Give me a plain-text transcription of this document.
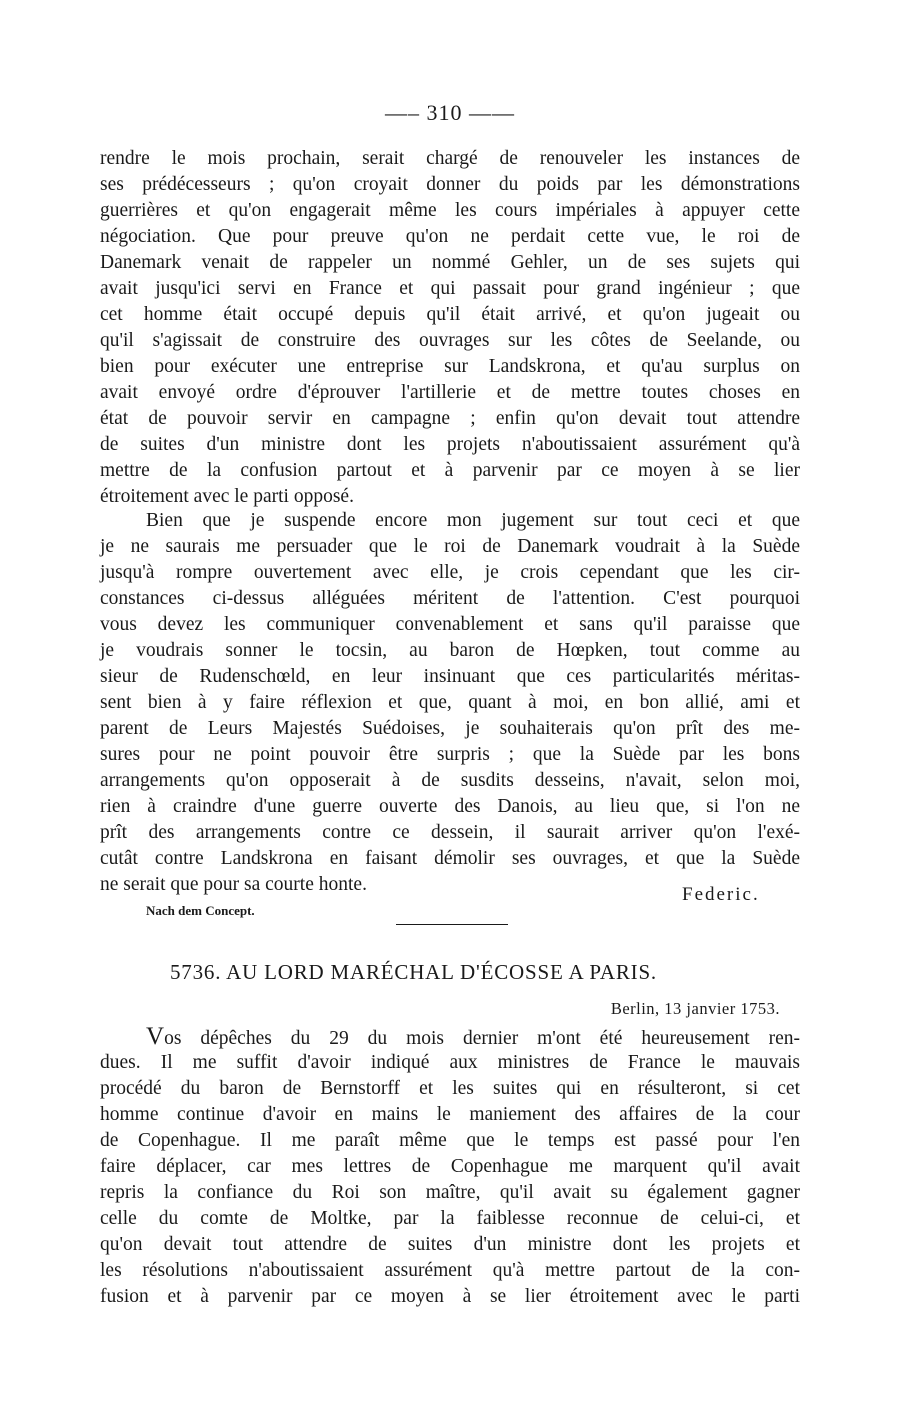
—– 310 ——
rendre le mois prochain, serait chargé de renouveler les instances de
ses prédécesseurs ; qu'on croyait donner du poids par les démonstrations
guerrières et qu'on engagerait même les cours impériales à appuyer cette
négociation. Que pour preuve qu'on ne perdait cette vue, le roi de
Danemark venait de rappeler un nommé Gehler, un de ses sujets qui
avait jusqu'ici servi en France et qui passait pour grand ingénieur ; que
cet homme était occupé depuis qu'il était arrivé, et qu'on jugeait ou
qu'il s'agissait de construire des ouvrages sur les côtes de Seelande, ou
bien pour exécuter une entreprise sur Landskrona, et qu'au surplus on
avait envoyé ordre d'éprouver l'artillerie et de mettre toutes choses en
état de pouvoir servir en campagne ; enfin qu'on devait tout attendre
de suites d'un ministre dont les projets n'aboutissaient assurément qu'à
mettre de la confusion partout et à parvenir par ce moyen à se lier
étroitement avec le parti opposé.
Bien que je suspende encore mon jugement sur tout ceci et que
je ne saurais me persuader que le roi de Danemark voudrait à la Suède
jusqu'à rompre ouvertement avec elle, je crois cependant que les cir-
constances ci-dessus alléguées méritent de l'attention. C'est pourquoi
vous devez les communiquer convenablement et sans qu'il paraisse que
je voudrais sonner le tocsin, au baron de Hœpken, tout comme au
sieur de Rudenschœld, en leur insinuant que ces particularités méritas-
sent bien à y faire réflexion et que, quant à moi, en bon allié, ami et
parent de Leurs Majestés Suédoises, je souhaiterais qu'on prît des me-
sures pour ne point pouvoir être surpris ; que la Suède par les bons
arrangements qu'on opposerait à de susdits desseins, n'avait, selon moi,
rien à craindre d'une guerre ouverte des Danois, au lieu que, si l'on ne
prît des arrangements contre ce dessein, il saurait arriver qu'on l'exé-
cutât contre Landskrona en faisant démolir ses ouvrages, et que la Suède
ne serait que pour sa courte honte.	Federic.
Nach dem Concept.
5736. AU LORD MARÉCHAL D'ÉCOSSE A PARIS.
Berlin, 13 janvier 1753.
Vos dépêches du 29 du mois dernier m'ont été heureusement ren-
dues. Il me suffit d'avoir indiqué aux ministres de France le mauvais
procédé du baron de Bernstorff et les suites qui en résulteront, si cet
homme continue d'avoir en mains le maniement des affaires de la cour
de Copenhague. Il me paraît même que le temps est passé pour l'en
faire déplacer, car mes lettres de Copenhague me marquent qu'il avait
repris la confiance du Roi son maître, qu'il avait su également gagner
celle du comte de Moltke, par la faiblesse reconnue de celui-ci, et
qu'on devait tout attendre de suites d'un ministre dont les projets et
les résolutions n'aboutissaient assurément qu'à mettre partout de la con-
fusion et à parvenir par ce moyen à se lier étroitement avec le parti
